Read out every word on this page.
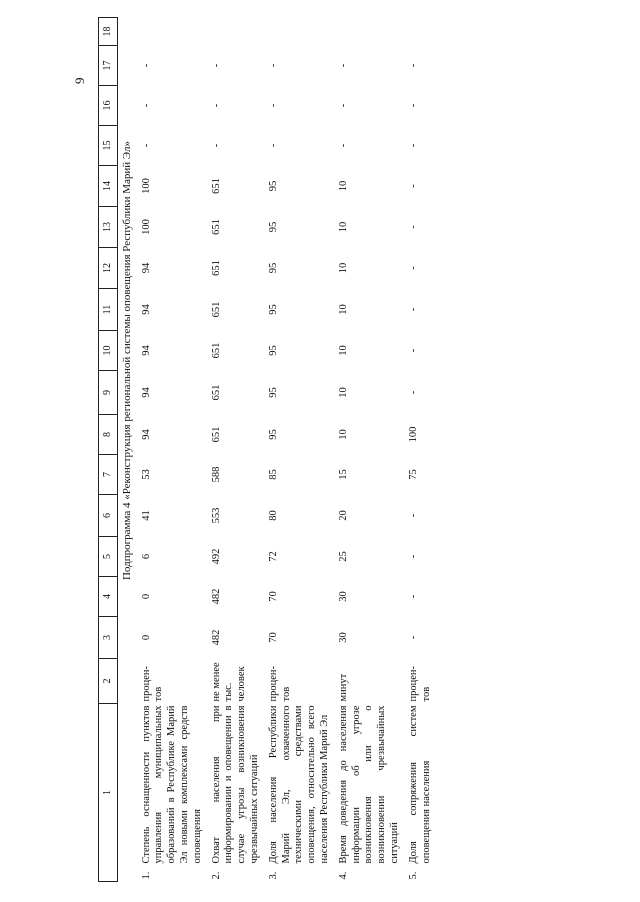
9
1	2	3	4	5	6	7	8	9	10	11	12	13	14	15	16	17	18
	Подпрограмма 4 «Реконструкция региональной системы оповещения Республики Марий Эл»																

1.
Степень оснащенности пунктов управления муниципальных образований в Республике Марий Эл новыми комплексами средств оповещения	процен-тов	0	0	6	41	53	94	94	94	94	94	100	100	-	-	-	

2.
Охват населения при информировании и оповещении в случае угрозы возникновения чрезвычайных ситуаций	не менее тыс. человек	482	482	492	553	588	651	651	651	651	651	651	651	-	-	-	

3.
Доля населения Республики Марий Эл, охваченного техническими средствами оповещения, относительно всего населения Республики Марий Эл	процен-тов	70	70	72	80	85	95	95	95	95	95	95	95	-	-	-	

4.
Время доведения до населения информации об угрозе возникновения или о возникновении чрезвычайных ситуаций	минут	30	30	25	20	15	10	10	10	10	10	10	10	-	-	-	

5.
Доля сопряжения систем оповещения населения	процен-тов	-	-	-	-	75	100	-	-	-	-	-	-	-	-	-	
